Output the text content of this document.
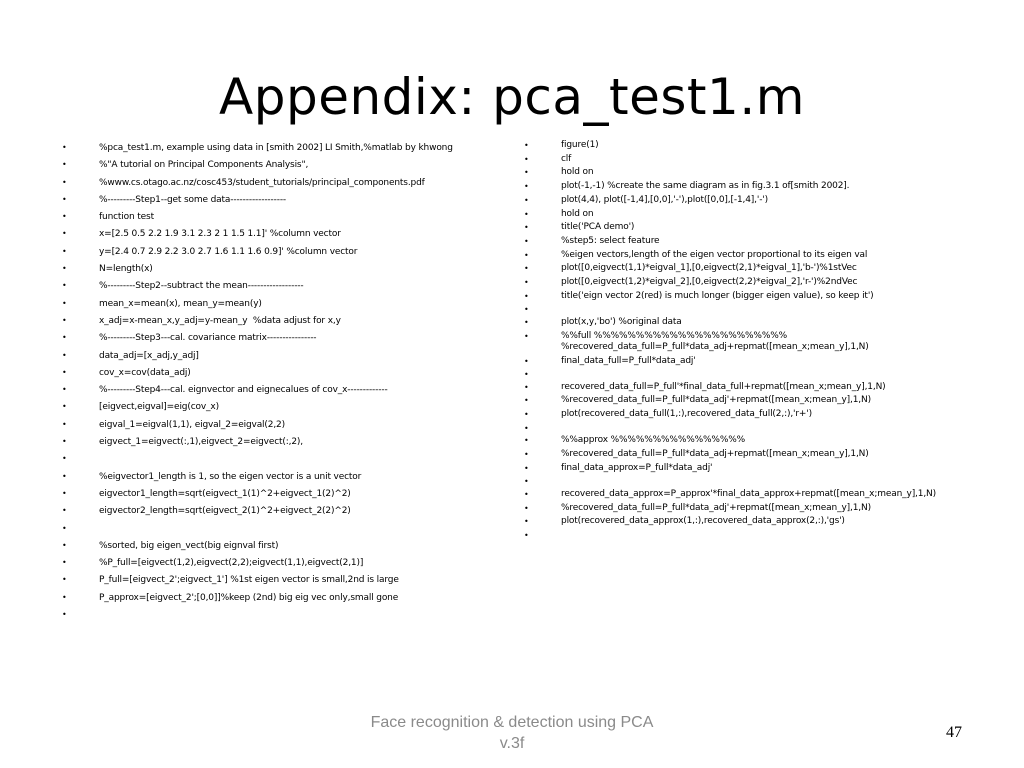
Appendix: pca_test1.m
•	%pca_test1.m, example using data in [smith 2002] LI Smith,%matlab by khwong
•	%"A tutorial on Principal Components Analysis",
•	%www.cs.otago.ac.nz/cosc453/student_tutorials/principal_components.pdf
•	%---------Step1--get some data------------------
•	function test
•	x=[2.5 0.5 2.2 1.9 3.1 2.3 2 1 1.5 1.1]' %column vector
•	y=[2.4 0.7 2.9 2.2 3.0 2.7 1.6 1.1 1.6 0.9]' %column vector
•	N=length(x)
•	%---------Step2--subtract the mean------------------
•	mean_x=mean(x), mean_y=mean(y)
•	x_adj=x-mean_x,y_adj=y-mean_y  %data adjust for x,y
•	%---------Step3---cal. covariance matrix----------------
•	data_adj=[x_adj,y_adj]
•	cov_x=cov(data_adj)
•	%---------Step4---cal. eignvector and eignecalues of cov_x-------------
•	[eigvect,eigval]=eig(cov_x)
•	eigval_1=eigval(1,1), eigval_2=eigval(2,2)
•	eigvect_1=eigvect(:,1),eigvect_2=eigvect(:,2),
•
•	%eigvector1_length is 1, so the eigen vector is a unit vector
•	eigvector1_length=sqrt(eigvect_1(1)^2+eigvect_1(2)^2)
•	eigvector2_length=sqrt(eigvect_2(1)^2+eigvect_2(2)^2)
•
•	%sorted, big eigen_vect(big eignval first)
•	%P_full=[eigvect(1,2),eigvect(2,2);eigvect(1,1),eigvect(2,1)]
•	P_full=[eigvect_2';eigvect_1'] %1st eigen vector is small,2nd is large
•	P_approx=[eigvect_2';[0,0]]%keep (2nd) big eig vec only,small gone
•
•	figure(1)
•	clf
•	hold on
•	plot(-1,-1) %create the same diagram as in fig.3.1 of[smith 2002].
•	plot(4,4), plot([-1,4],[0,0],'-'),plot([0,0],[-1,4],'-')
•	hold on
•	title('PCA demo')
•	%step5: select feature
•	%eigen vectors,length of the eigen vector proportional to its eigen val
•	plot([0,eigvect(1,1)*eigval_1],[0,eigvect(2,1)*eigval_1],'b-')%1stVec
•	plot([0,eigvect(1,2)*eigval_2],[0,eigvect(2,2)*eigval_2],'r-')%2ndVec
•	title('eign vector 2(red) is much longer (bigger eigen value), so keep it')
•
•	plot(x,y,'bo') %original data
•	%%full %%%%%%%%%%%%%%%%%%%%%%%
%recovered_data_full=P_full*data_adj+repmat([mean_x;mean_y],1,N)
•	final_data_full=P_full*data_adj'
•
•	recovered_data_full=P_full'*final_data_full+repmat([mean_x;mean_y],1,N)
•	%recovered_data_full=P_full*data_adj'+repmat([mean_x;mean_y],1,N)
•	plot(recovered_data_full(1,:),recovered_data_full(2,:),'r+')
•
•	%%approx %%%%%%%%%%%%%%%%
•	%recovered_data_full=P_full*data_adj+repmat([mean_x;mean_y],1,N)
•	final_data_approx=P_full*data_adj'
•
•	recovered_data_approx=P_approx'*final_data_approx+repmat([mean_x;mean_y],1,N)
•	%recovered_data_full=P_full*data_adj'+repmat([mean_x;mean_y],1,N)
•	plot(recovered_data_approx(1,:),recovered_data_approx(2,:),'gs')
•
Face recognition & detection using PCA
v.3f
47
